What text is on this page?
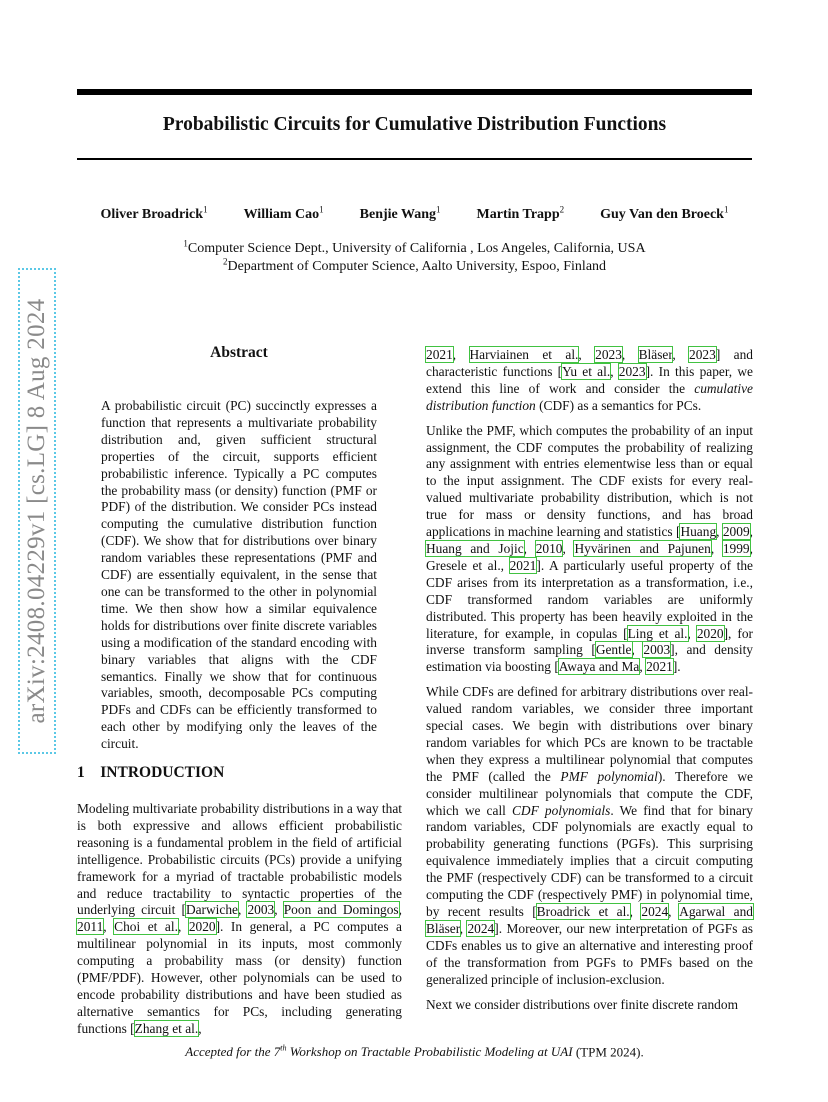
Probabilistic Circuits for Cumulative Distribution Functions
Oliver Broadrick$^1$	William Cao$^1$	Benjie Wang$^1$	Martin Trapp$^2$	Guy Van den Broeck$^1$
$^1$Computer Science Dept., University of California , Los Angeles, California, USA
$^2$Department of Computer Science, Aalto University, Espoo, Finland
arXiv:2408.04229v1 [cs.LG] 8 Aug 2024	Abstract

A probabilistic circuit (PC) succinctly expresses a function that represents a multivariate probability distribution and, given sufficient structural properties of the circuit, supports efficient probabilistic inference. Typically a PC computes the probability mass (or density) function (PMF or PDF) of the distribution. We consider PCs instead computing the cumulative distribution function (CDF). We show that for distributions over binary random variables these representations (PMF and CDF) are essentially equivalent, in the sense that one can be transformed to the other in polynomial time. We then show how a similar equivalence holds for distributions over finite discrete variables using a modification of the standard encoding with binary variables that aligns with the CDF semantics. Finally we show that for continuous variables, smooth, decomposable PCs computing PDFs and CDFs can be efficiently transformed to each other by modifying only the leaves of the circuit.

1 INTRODUCTION

Modeling multivariate probability distributions in a way that is both expressive and allows efficient probabilistic reasoning is a fundamental problem in the field of artificial intelligence. Probabilistic circuits (PCs) provide a unifying framework for a myriad of tractable probabilistic models and reduce tractability to syntactic properties of the underlying circuit [Darwiche, 2003, Poon and Domingos, 2011, Choi et al., 2020]. In general, a PC computes a multilinear polynomial in its inputs, most commonly computing a probability mass (or density) function (PMF/PDF). However, other polynomials can be used to encode probability distributions and have been studied as alternative semantics for PCs, including generating functions [Zhang et al.,

2021, Harviainen et al., 2023, Bläser, 2023] and characteristic functions [Yu et al., 2023]. In this paper, we extend this line of work and consider the cumulative distribution function (CDF) as a semantics for PCs.

Unlike the PMF, which computes the probability of an input assignment, the CDF computes the probability of realizing any assignment with entries elementwise less than or equal to the input assignment. The CDF exists for every real-valued multivariate probability distribution, which is not true for mass or density functions, and has broad applications in machine learning and statistics [Huang, 2009, Huang and Jojic, 2010, Hyvärinen and Pajunen, 1999, Gresele et al., 2021]. A particularly useful property of the CDF arises from its interpretation as a transformation, i.e., CDF transformed random variables are uniformly distributed. This property has been heavily exploited in the literature, for example, in copulas [Ling et al., 2020], for inverse transform sampling [Gentle, 2003], and density estimation via boosting [Awaya and Ma, 2021].

While CDFs are defined for arbitrary distributions over real-valued random variables, we consider three important special cases. We begin with distributions over binary random variables for which PCs are known to be tractable when they express a multilinear polynomial that computes the PMF (called the PMF polynomial). Therefore we consider multilinear polynomials that compute the CDF, which we call CDF polynomials. We find that for binary random variables, CDF polynomials are exactly equal to probability generating functions (PGFs). This surprising equivalence immediately implies that a circuit computing the PMF (respectively CDF) can be transformed to a circuit computing the CDF (respectively PMF) in polynomial time, by recent results [Broadrick et al., 2024, Agarwal and Bläser, 2024]. Moreover, our new interpretation of PGFs as CDFs enables us to give an alternative and interesting proof of the transformation from PGFs to PMFs based on the generalized principle of inclusion-exclusion.

Next we consider distributions over finite discrete random

Accepted for the 7th Workshop on Tractable Probabilistic Modeling at UAI (TPM 2024).
